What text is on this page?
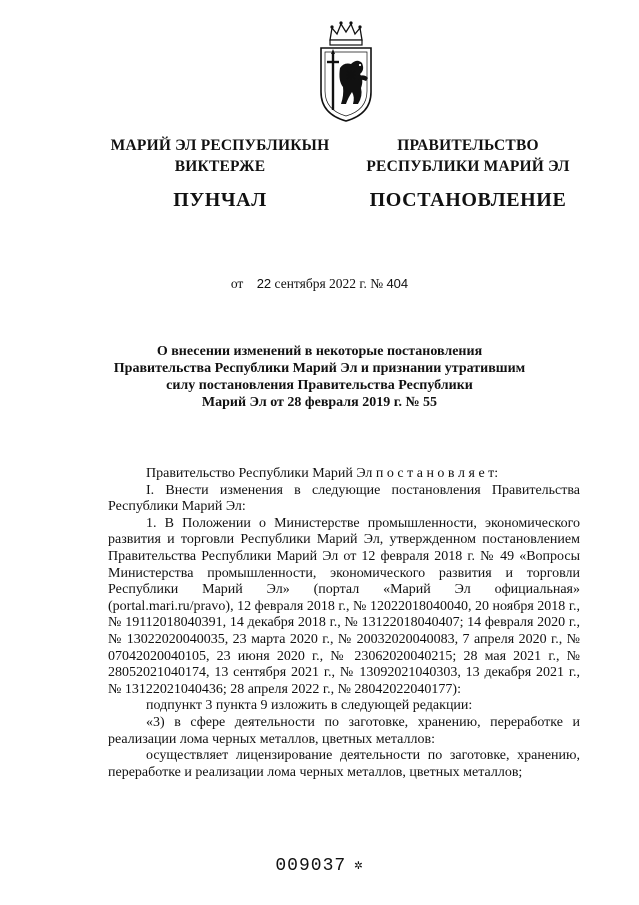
МАРИЙ ЭЛ РЕСПУБЛИКЫН
ВИКТЕРЖЕ
ПУНЧАЛ
ПРАВИТЕЛЬСТВО
РЕСПУБЛИКИ МАРИЙ ЭЛ
ПОСТАНОВЛЕНИЕ
от 22 сентября 2022 г. № 404
О внесении изменений в некоторые постановления
Правительства Республики Марий Эл и признании утратившим
силу постановления Правительства Республики
Марий Эл от 28 февраля 2019 г. № 55

Правительство Республики Марий Эл п о с т а н о в л я е т:

I. Внести изменения в следующие постановления Правительства Республики Марий Эл:

1. В Положении о Министерстве промышленности, экономического развития и торговли Республики Марий Эл, утвержденном постановлением Правительства Республики Марий Эл от 12 февраля 2018 г. № 49 «Вопросы Министерства промышленности, экономического развития и торговли Республики Марий Эл» (портал «Марий Эл официальная» (portal.mari.ru/pravo), 12 февраля 2018 г., № 12022018040040, 20 ноября 2018 г., № 19112018040391, 14 декабря 2018 г., № 13122018040407; 14 февраля 2020 г., № 13022020040035, 23 марта 2020 г., № 20032020040083, 7 апреля 2020 г., № 07042020040105, 23 июня 2020 г., № 23062020040215; 28 мая 2021 г., № 28052021040174, 13 сентября 2021 г., № 13092021040303, 13 декабря 2021 г., № 13122021040436; 28 апреля 2022 г., № 28042022040177):

подпункт 3 пункта 9 изложить в следующей редакции:

«3) в сфере деятельности по заготовке, хранению, переработке и реализации лома черных металлов, цветных металлов:

осуществляет лицензирование деятельности по заготовке, хранению, переработке и реализации лома черных металлов, цветных металлов;

009037 ✲
